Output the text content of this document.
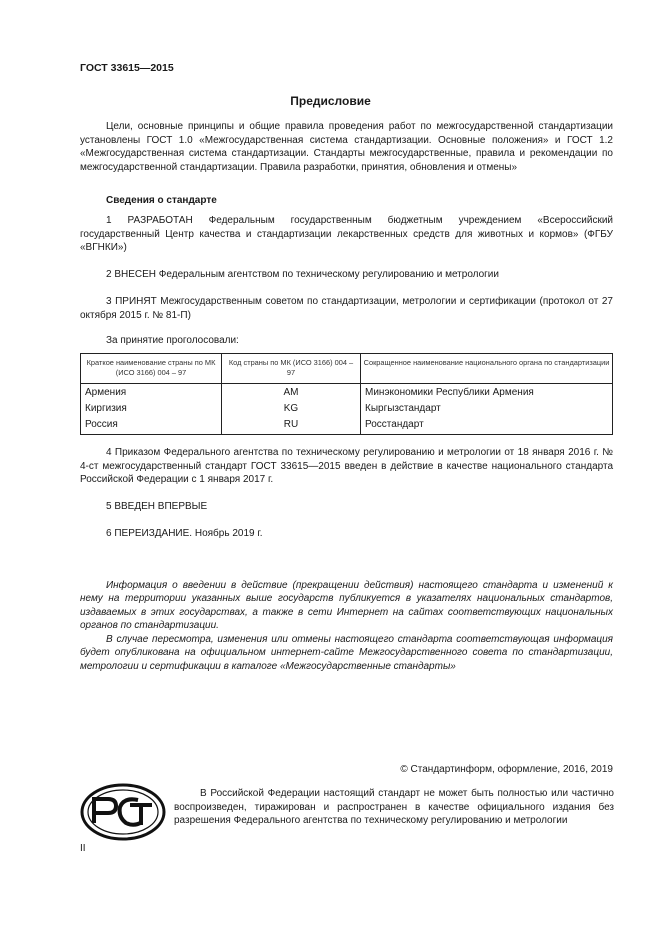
ГОСТ 33615—2015
Предисловие
Цели, основные принципы и общие правила проведения работ по межгосударственной стандартизации установлены ГОСТ 1.0 «Межгосударственная система стандартизации. Основные положения» и ГОСТ 1.2 «Межгосударственная система стандартизации. Стандарты межгосударственные, правила и рекомендации по межгосударственной стандартизации. Правила разработки, принятия, обновления и отмены»
Сведения о стандарте
1 РАЗРАБОТАН Федеральным государственным бюджетным учреждением «Всероссийский государственный Центр качества и стандартизации лекарственных средств для животных и кормов» (ФГБУ «ВГНКИ»)
2 ВНЕСЕН Федеральным агентством по техническому регулированию и метрологии
3 ПРИНЯТ Межгосударственным советом по стандартизации, метрологии и сертификации (протокол от 27 октября 2015 г. № 81-П)
За принятие проголосовали:
Краткое наименование страны по МК (ИСО 3166) 004 – 97	Код страны по МК (ИСО 3166) 004 – 97	Сокращенное наименование национального органа по стандартизации
Армения	AM	Минэкономики Республики Армения
Киргизия	KG	Кыргызстандарт
Россия	RU	Росстандарт
4 Приказом Федерального агентства по техническому регулированию и метрологии от 18 января 2016 г. № 4-ст межгосударственный стандарт ГОСТ 33615—2015 введен в действие в качестве национального стандарта Российской Федерации с 1 января 2017 г.
5 ВВЕДЕН ВПЕРВЫЕ
6 ПЕРЕИЗДАНИЕ. Ноябрь 2019 г.
Информация о введении в действие (прекращении действия) настоящего стандарта и изменений к нему на территории указанных выше государств публикуется в указателях национальных стандартов, издаваемых в этих государствах, а также в сети Интернет на сайтах соответствующих национальных органов по стандартизации.
В случае пересмотра, изменения или отмены настоящего стандарта соответствующая информация будет опубликована на официальном интернет-сайте Межгосударственного совета по стандартизации, метрологии и сертификации в каталоге «Межгосударственные стандарты»
© Стандартинформ, оформление, 2016, 2019
В Российской Федерации настоящий стандарт не может быть полностью или частично воспроизведен, тиражирован и распространен в качестве официального издания без разрешения Федерального агентства по техническому регулированию и метрологии
II
